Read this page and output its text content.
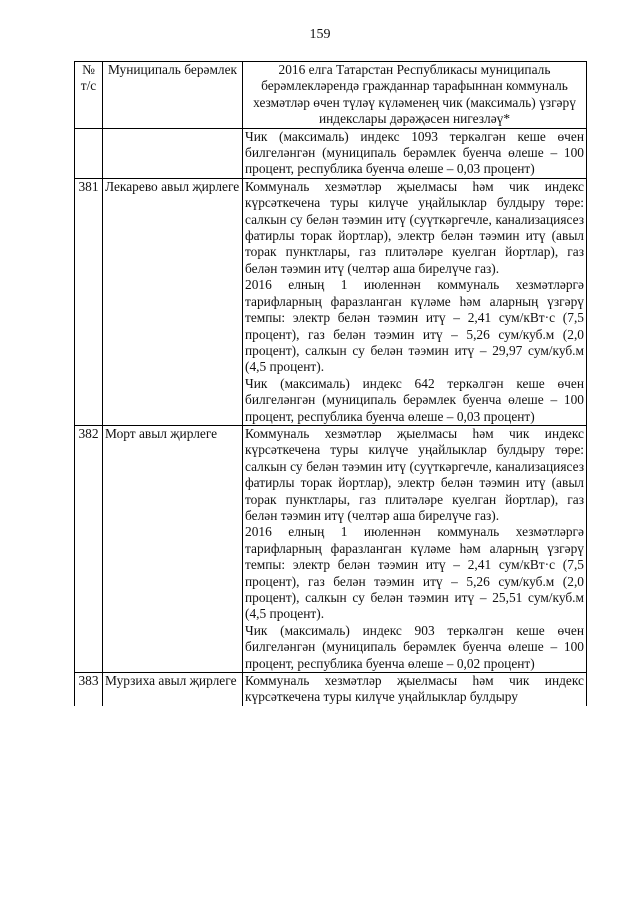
159
№ т/с	Муниципаль берәмлек	2016 елга Татарстан Республикасы муниципаль берәмлекләрендә гражданнар тарафыннан коммуналь хезмәтләр өчен түләү күләменең чик (максималь) үзгәрү индекслары дәрәҗәсен нигезләү*

		Чик (максималь) индекс 1093 теркәлгән кеше өчен билгеләнгән (муниципаль берәмлек буенча өлеше – 100 процент, республика буенча өлеше – 0,03 процент)

381	Лекарево авыл җирлеге	Коммуналь хезмәтләр җыелмасы һәм чик индекс күрсәткечена туры килүче уңайлыклар булдыру төре: салкын су белән тәэмин итү (суүткәргечле, канализациясез фатирлы торак йортлар), электр белән тәэмин итү (авыл торак пунктлары, газ плитәләре куелган йортлар), газ белән тәэмин итү (челтәр аша бирелүче газ).
2016 елның 1 июленнән коммуналь хезмәтләргә тарифларның фаразланган күләме һәм аларның үзгәрү темпы: электр белән тәэмин итү – 2,41 сум/кВт·с (7,5 процент), газ белән тәэмин итү – 5,26 сум/куб.м (2,0 процент), салкын су белән тәэмин итү – 29,97 сум/куб.м (4,5 процент).
Чик (максималь) индекс 642 теркәлгән кеше өчен билгеләнгән (муниципаль берәмлек буенча өлеше – 100 процент, республика буенча өлеше – 0,03 процент)

382	Морт авыл җирлеге	Коммуналь хезмәтләр җыелмасы һәм чик индекс күрсәткечена туры килүче уңайлыклар булдыру төре: салкын су белән тәэмин итү (суүткәргечле, канализациясез фатирлы торак йортлар), электр белән тәэмин итү (авыл торак пунктлары, газ плитәләре куелган йортлар), газ белән тәэмин итү (челтәр аша бирелүче газ).
2016 елның 1 июленнән коммуналь хезмәтләргә тарифларның фаразланган күләме һәм аларның үзгәрү темпы: электр белән тәэмин итү – 2,41 сум/кВт·с (7,5 процент), газ белән тәэмин итү – 5,26 сум/куб.м (2,0 процент), салкын су белән тәэмин итү – 25,51 сум/куб.м (4,5 процент).
Чик (максималь) индекс 903 теркәлгән кеше өчен билгеләнгән (муниципаль берәмлек буенча өлеше – 100 процент, республика буенча өлеше – 0,02 процент)

383	Мурзиха авыл җирлеге	Коммуналь хезмәтләр җыелмасы һәм чик индекс күрсәткечена туры килүче уңайлыклар булдыру
